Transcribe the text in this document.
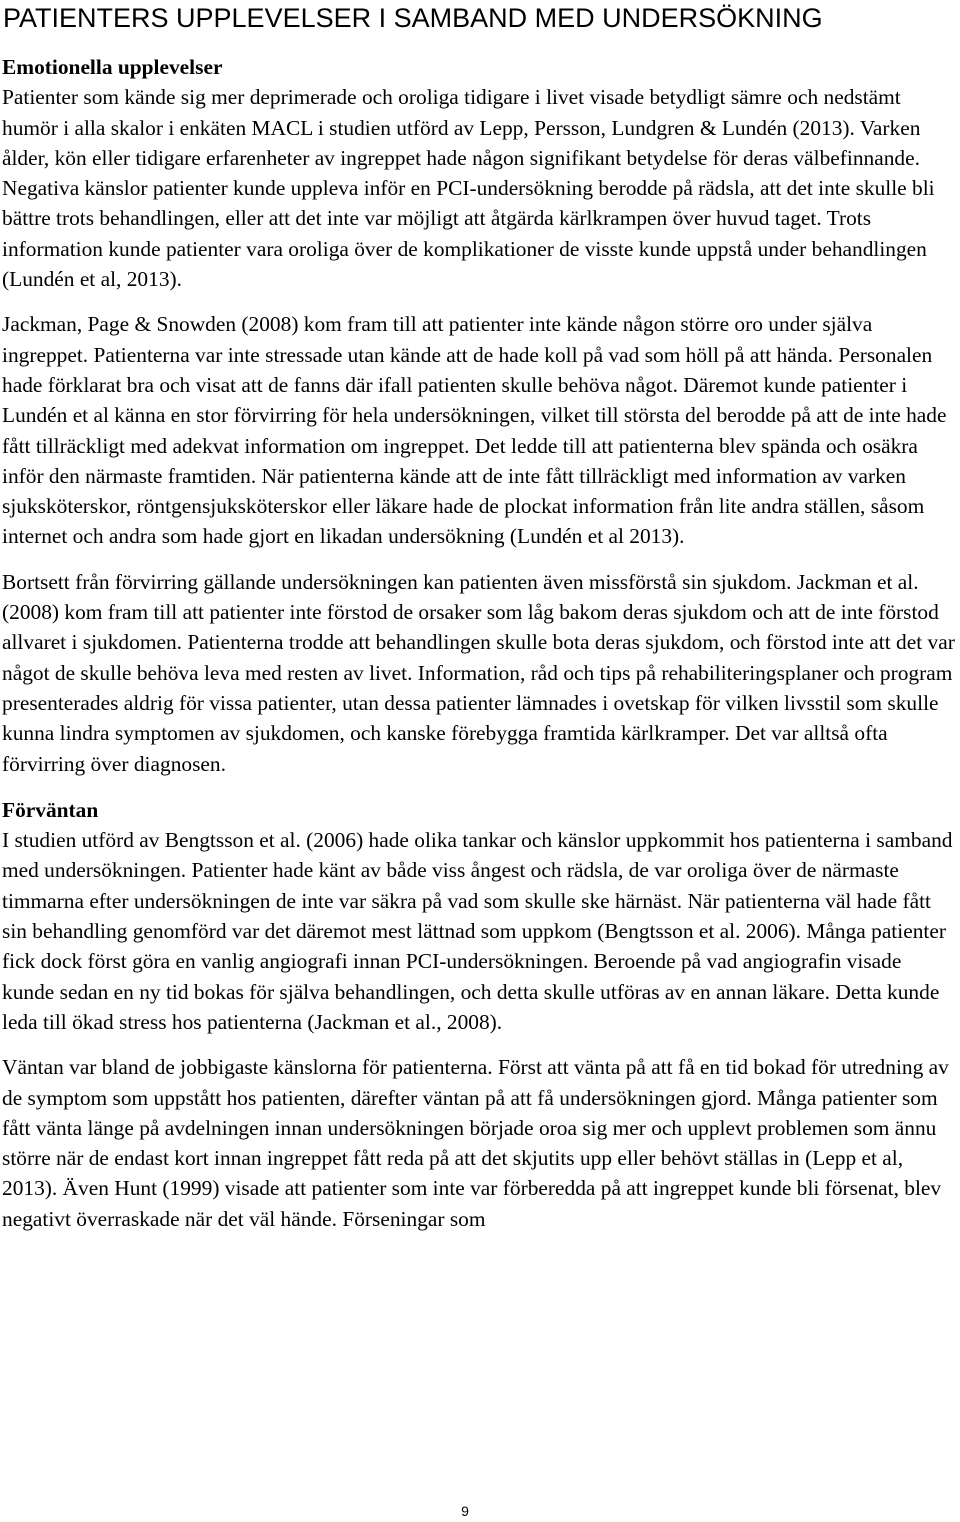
PATIENTERS UPPLEVELSER I SAMBAND MED UNDERSÖKNING
Emotionella upplevelser

Patienter som kände sig mer deprimerade och oroliga tidigare i livet visade betydligt sämre och nedstämt humör i alla skalor i enkäten MACL i studien utförd av Lepp, Persson, Lundgren & Lundén (2013). Varken ålder, kön eller tidigare erfarenheter av ingreppet hade någon signifikant betydelse för deras välbefinnande. Negativa känslor patienter kunde uppleva inför en PCI-undersökning berodde på rädsla, att det inte skulle bli bättre trots behandlingen, eller att det inte var möjligt att åtgärda kärlkrampen över huvud taget. Trots information kunde patienter vara oroliga över de komplikationer de visste kunde uppstå under behandlingen (Lundén et al, 2013).

Jackman, Page & Snowden (2008) kom fram till att patienter inte kände någon större oro under själva ingreppet. Patienterna var inte stressade utan kände att de hade koll på vad som höll på att hända. Personalen hade förklarat bra och visat att de fanns där ifall patienten skulle behöva något. Däremot kunde patienter i Lundén et al känna en stor förvirring för hela undersökningen, vilket till största del berodde på att de inte hade fått tillräckligt med adekvat information om ingreppet. Det ledde till att patienterna blev spända och osäkra inför den närmaste framtiden. När patienterna kände att de inte fått tillräckligt med information av varken sjuksköterskor, röntgensjuksköterskor eller läkare hade de plockat information från lite andra ställen, såsom internet och andra som hade gjort en likadan undersökning (Lundén et al 2013).

Bortsett från förvirring gällande undersökningen kan patienten även missförstå sin sjukdom. Jackman et al. (2008) kom fram till att patienter inte förstod de orsaker som låg bakom deras sjukdom och att de inte förstod allvaret i sjukdomen. Patienterna trodde att behandlingen skulle bota deras sjukdom, och förstod inte att det var något de skulle behöva leva med resten av livet. Information, råd och tips på rehabiliteringsplaner och program presenterades aldrig för vissa patienter, utan dessa patienter lämnades i ovetskap för vilken livsstil som skulle kunna lindra symptomen av sjukdomen, och kanske förebygga framtida kärlkramper. Det var alltså ofta förvirring över diagnosen.

Förväntan

I studien utförd av Bengtsson et al. (2006) hade olika tankar och känslor uppkommit hos patienterna i samband med undersökningen. Patienter hade känt av både viss ångest och rädsla, de var oroliga över de närmaste timmarna efter undersökningen de inte var säkra på vad som skulle ske härnäst. När patienterna väl hade fått sin behandling genomförd var det däremot mest lättnad som uppkom (Bengtsson et al. 2006). Många patienter fick dock först göra en vanlig angiografi innan PCI-undersökningen. Beroende på vad angiografin visade kunde sedan en ny tid bokas för själva behandlingen, och detta skulle utföras av en annan läkare. Detta kunde leda till ökad stress hos patienterna (Jackman et al., 2008).

Väntan var bland de jobbigaste känslorna för patienterna. Först att vänta på att få en tid bokad för utredning av de symptom som uppstått hos patienten, därefter väntan på att få undersökningen gjord. Många patienter som fått vänta länge på avdelningen innan undersökningen började oroa sig mer och upplevt problemen som ännu större när de endast kort innan ingreppet fått reda på att det skjutits upp eller behövt ställas in (Lepp et al, 2013). Även Hunt (1999) visade att patienter som inte var förberedda på att ingreppet kunde bli försenat, blev negativt överraskade när det väl hände. Förseningar som

9
